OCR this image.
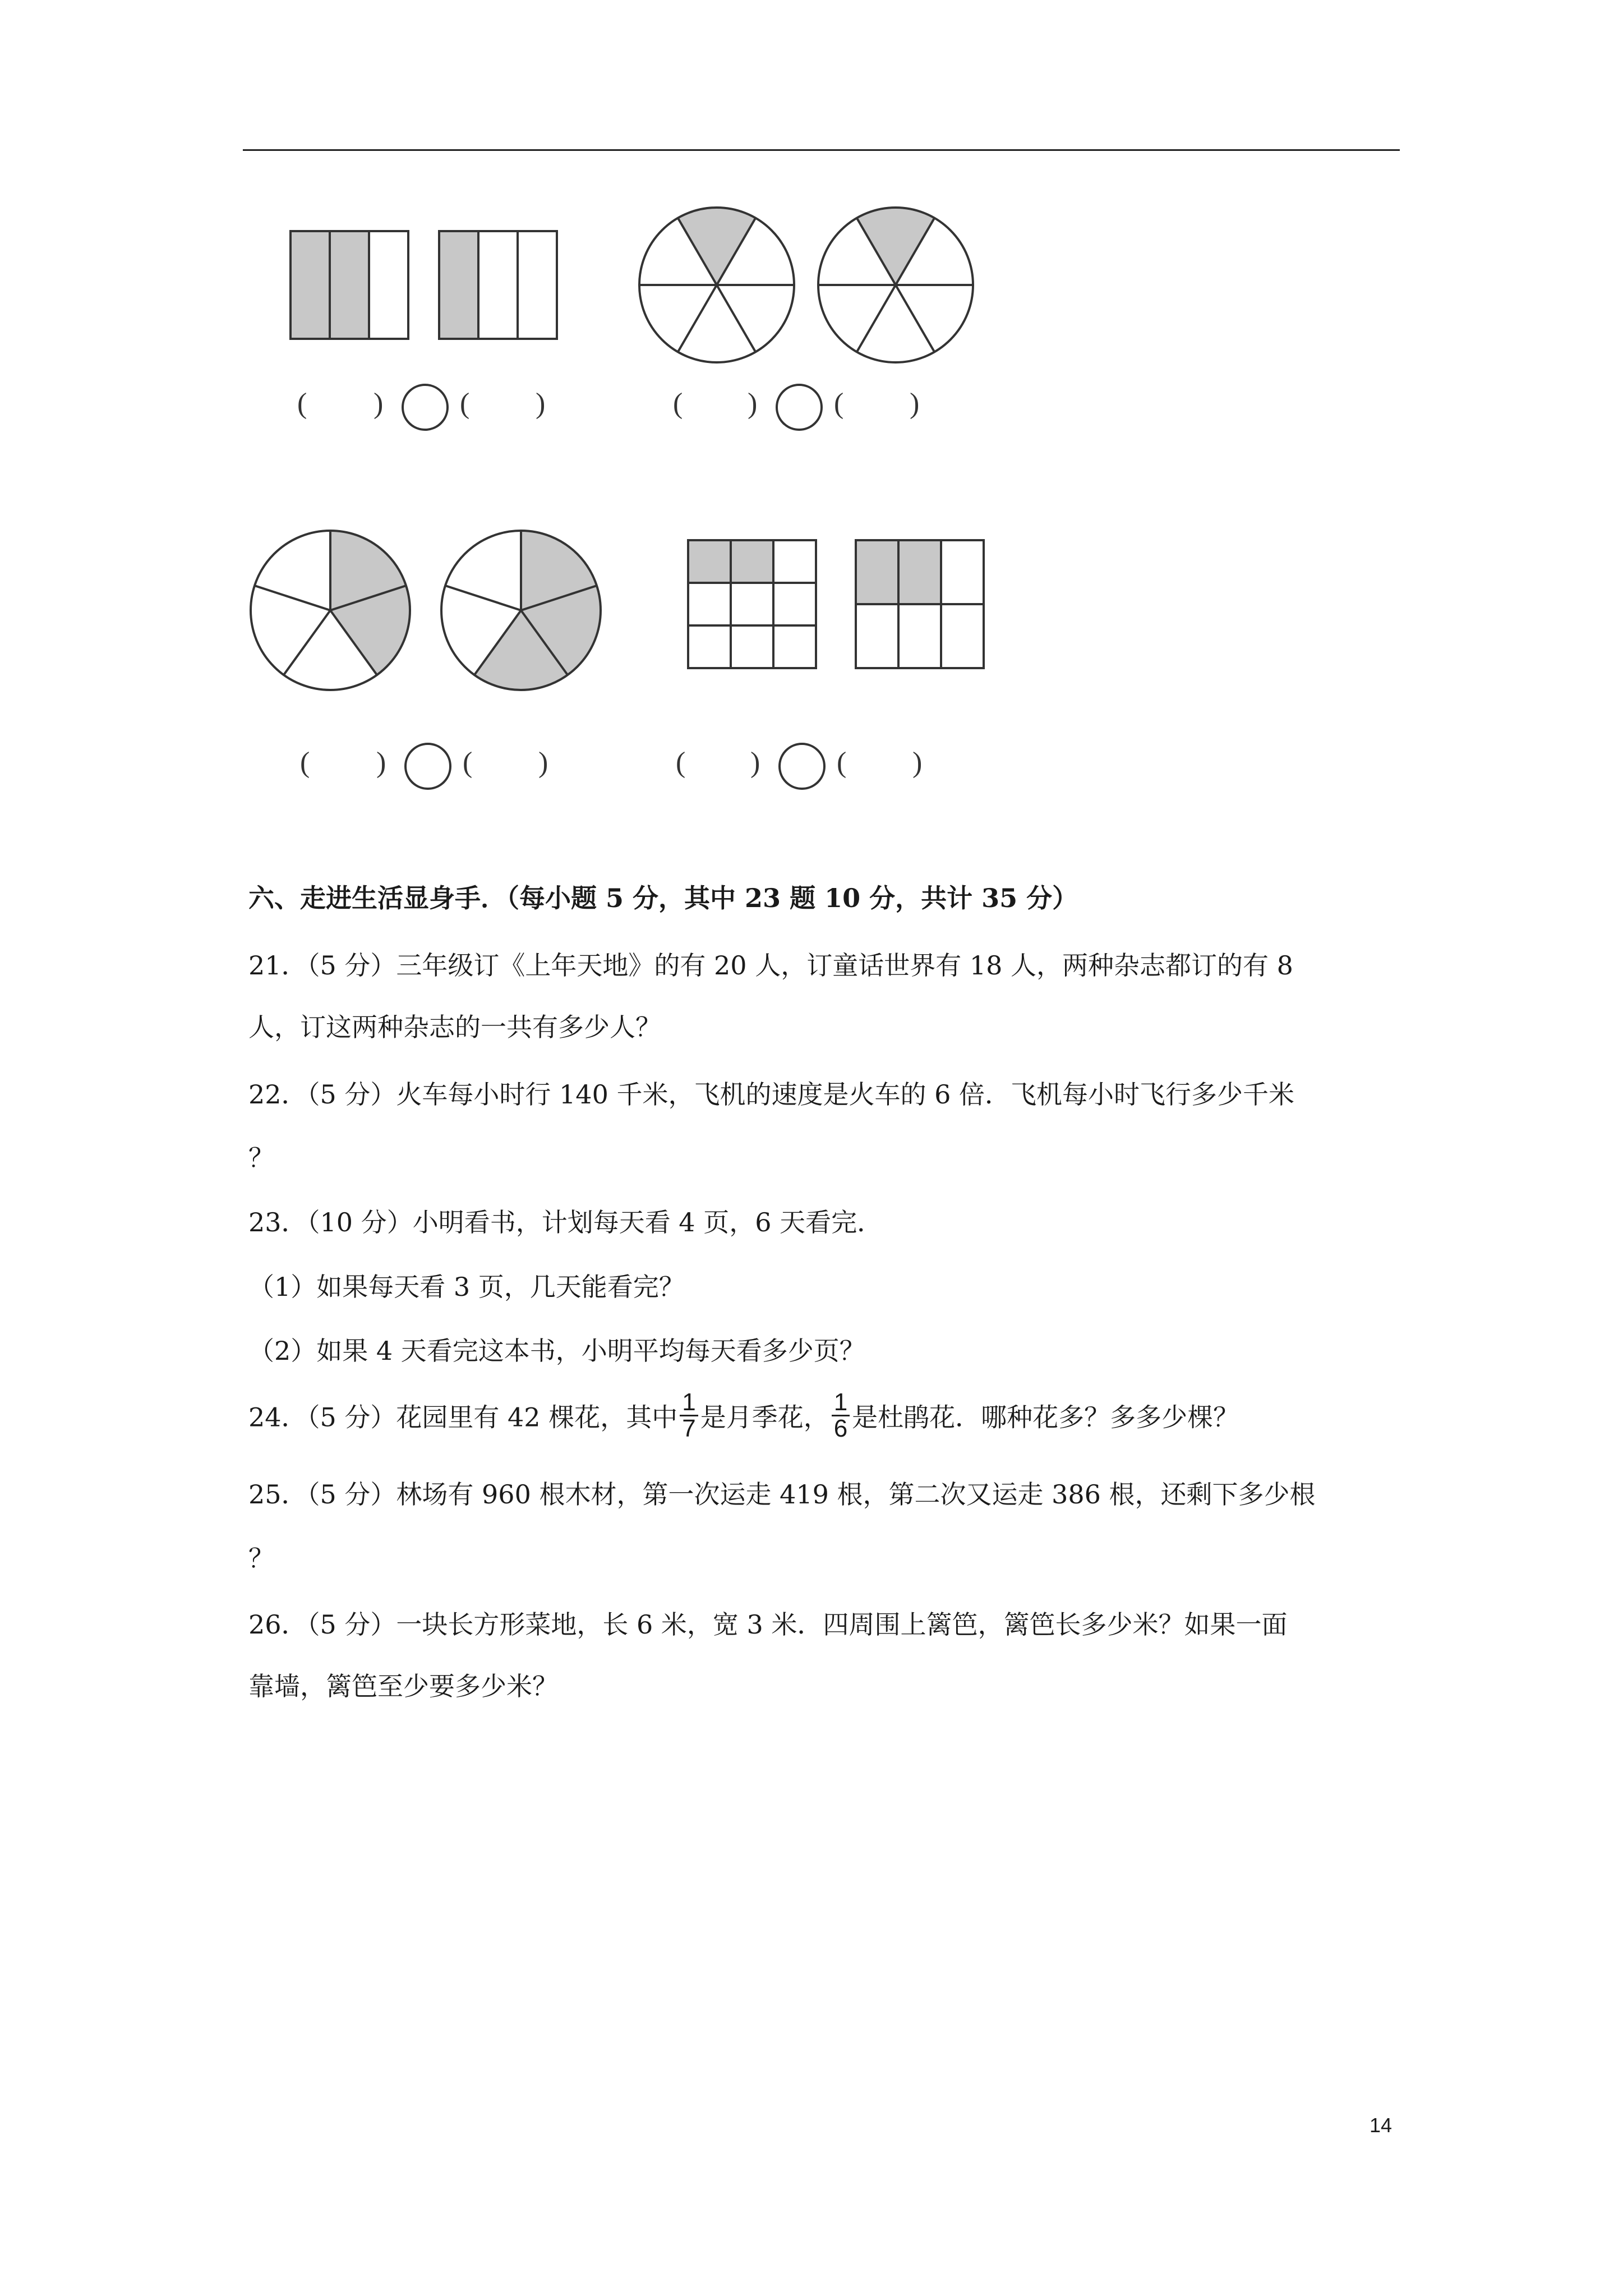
( )	( )	( )	( )
( )	( )	( )	( )
六、走进生活显身手．（每小题 5 分，其中 23 题 10 分，共计 35 分）
21．（5 分）三年级订《上年天地》的有 20 人，订童话世界有 18 人，两种杂志都订的有 8
人，订这两种杂志的一共有多少人？
22．（5 分）火车每小时行 140 千米，飞机的速度是火车的 6 倍．飞机每小时飞行多少千米
？
23．（10 分）小明看书，计划每天看 4 页，6 天看完．
（1）如果每天看 3 页，几天能看完？
（2）如果 4 天看完这本书，小明平均每天看多少页？
24．（5 分）花园里有 42 棵花，其中 $\frac{1}{7}$ 是月季花， $\frac{1}{6}$ 是杜鹃花．哪种花多？多多少棵？
25．（5 分）林场有 960 根木材，第一次运走 419 根，第二次又运走 386 根，还剩下多少根
？
26．（5 分）一块长方形菜地，长 6 米，宽 3 米．四周围上篱笆，篱笆长多少米？如果一面
靠墙，篱笆至少要多少米？
14
